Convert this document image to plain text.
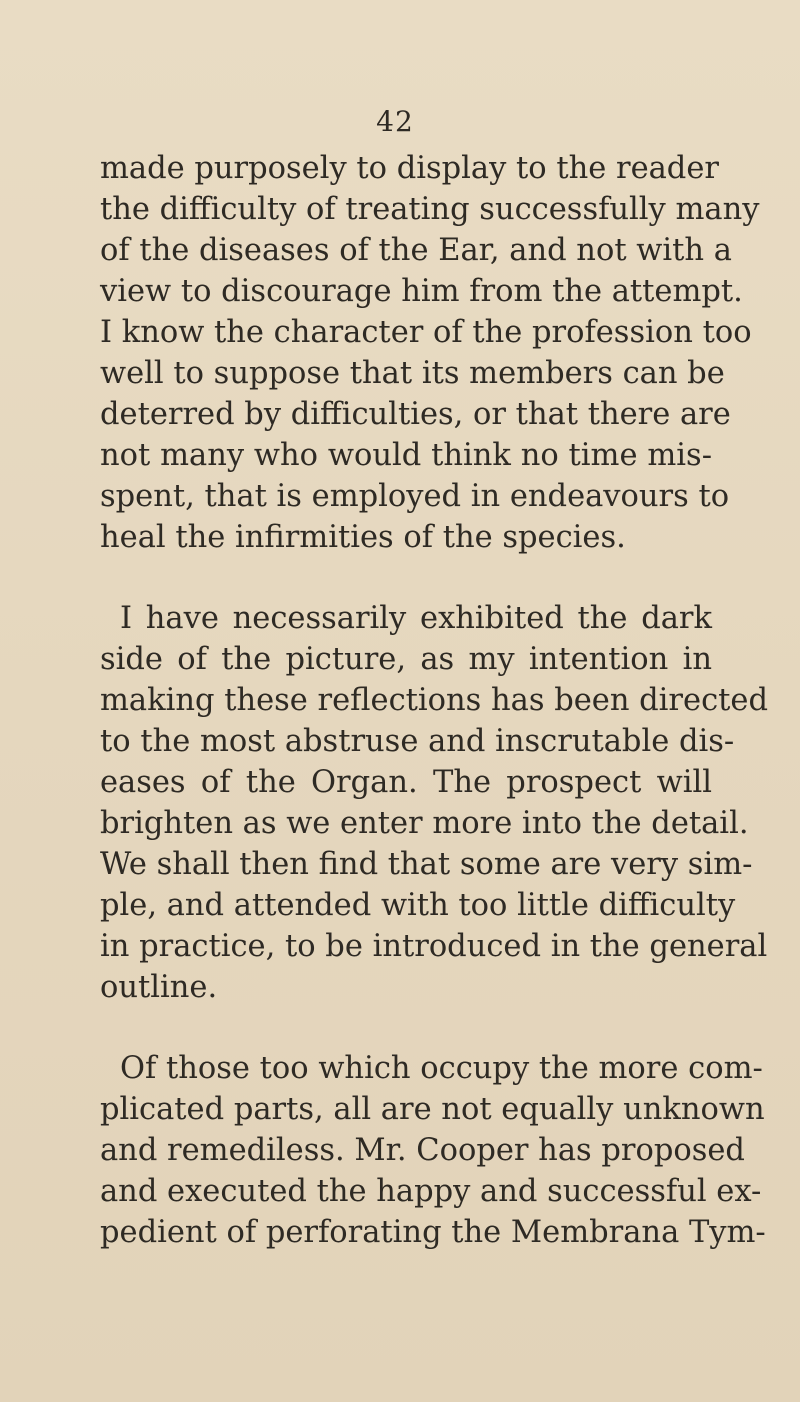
42

made purposely to display to the reader
the difficulty of treating successfully many
of the diseases of the Ear, and not with a
view to discourage him from the attempt.
I know the character of the profession too
well to suppose that its members can be
deterred by difficulties, or that there are
not many who would think no time mis-
spent, that is employed in endeavours to
heal the infirmities of the species.

I have necessarily exhibited the dark
side of the picture, as my intention in
making these reflections has been directed
to the most abstruse and inscrutable dis-
eases of the Organ. The prospect will
brighten as we enter more into the detail.
We shall then find that some are very sim-
ple, and attended with too little difficulty
in practice, to be introduced in the general
outline.

Of those too which occupy the more com-
plicated parts, all are not equally unknown
and remediless. Mr. Cooper has proposed
and executed the happy and successful ex-
pedient of perforating the Membrana Tym-
